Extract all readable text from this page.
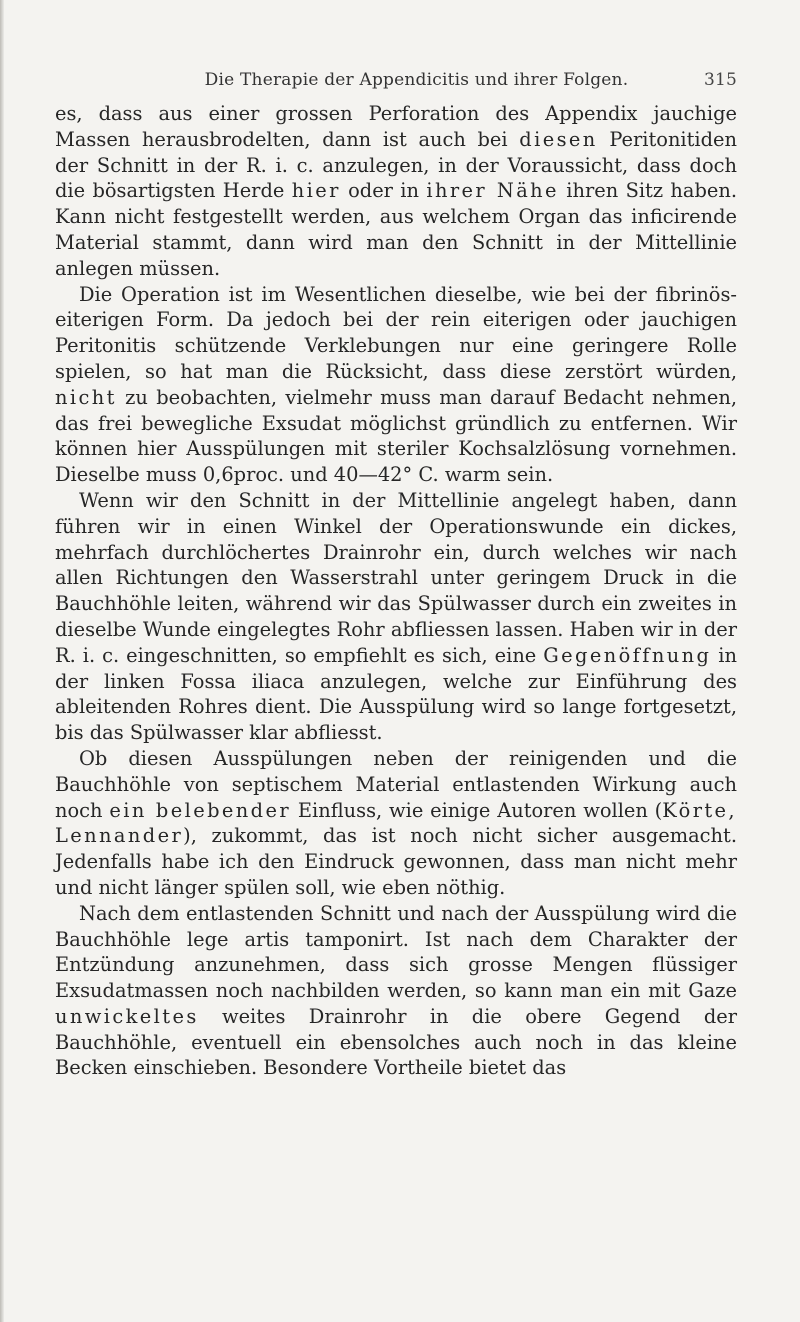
Die Therapie der Appendicitis und ihrer Folgen.	315

es, dass aus einer grossen Perforation des Appendix jauchige Massen herausbrodelten, dann ist auch bei diesen Peritonitiden der Schnitt in der R. i. c. anzulegen, in der Voraussicht, dass doch die bösartigsten Herde hier oder in ihrer Nähe ihren Sitz haben. Kann nicht festgestellt werden, aus welchem Organ das inficirende Material stammt, dann wird man den Schnitt in der Mittellinie anlegen müssen.

Die Operation ist im Wesentlichen dieselbe, wie bei der fibrinös-eiterigen Form. Da jedoch bei der rein eiterigen oder jauchigen Peritonitis schützende Verklebungen nur eine geringere Rolle spielen, so hat man die Rücksicht, dass diese zerstört würden, nicht zu beobachten, vielmehr muss man darauf Bedacht nehmen, das frei bewegliche Exsudat möglichst gründlich zu entfernen. Wir können hier Ausspülungen mit steriler Kochsalzlösung vornehmen. Dieselbe muss 0,6proc. und 40—42° C. warm sein.

Wenn wir den Schnitt in der Mittellinie angelegt haben, dann führen wir in einen Winkel der Operationswunde ein dickes, mehrfach durchlöchertes Drainrohr ein, durch welches wir nach allen Richtungen den Wasserstrahl unter geringem Druck in die Bauchhöhle leiten, während wir das Spülwasser durch ein zweites in dieselbe Wunde eingelegtes Rohr abfliessen lassen. Haben wir in der R. i. c. eingeschnitten, so empfiehlt es sich, eine Gegenöffnung in der linken Fossa iliaca anzulegen, welche zur Einführung des ableitenden Rohres dient. Die Ausspülung wird so lange fortgesetzt, bis das Spülwasser klar abfliesst.

Ob diesen Ausspülungen neben der reinigenden und die Bauchhöhle von septischem Material entlastenden Wirkung auch noch ein belebender Einfluss, wie einige Autoren wollen (Körte, Lennander), zukommt, das ist noch nicht sicher ausgemacht. Jedenfalls habe ich den Eindruck gewonnen, dass man nicht mehr und nicht länger spülen soll, wie eben nöthig.

Nach dem entlastenden Schnitt und nach der Ausspülung wird die Bauchhöhle lege artis tamponirt. Ist nach dem Charakter der Entzündung anzunehmen, dass sich grosse Mengen flüssiger Exsudatmassen noch nachbilden werden, so kann man ein mit Gaze unwickeltes weites Drainrohr in die obere Gegend der Bauchhöhle, eventuell ein ebensolches auch noch in das kleine Becken einschieben. Besondere Vortheile bietet das
